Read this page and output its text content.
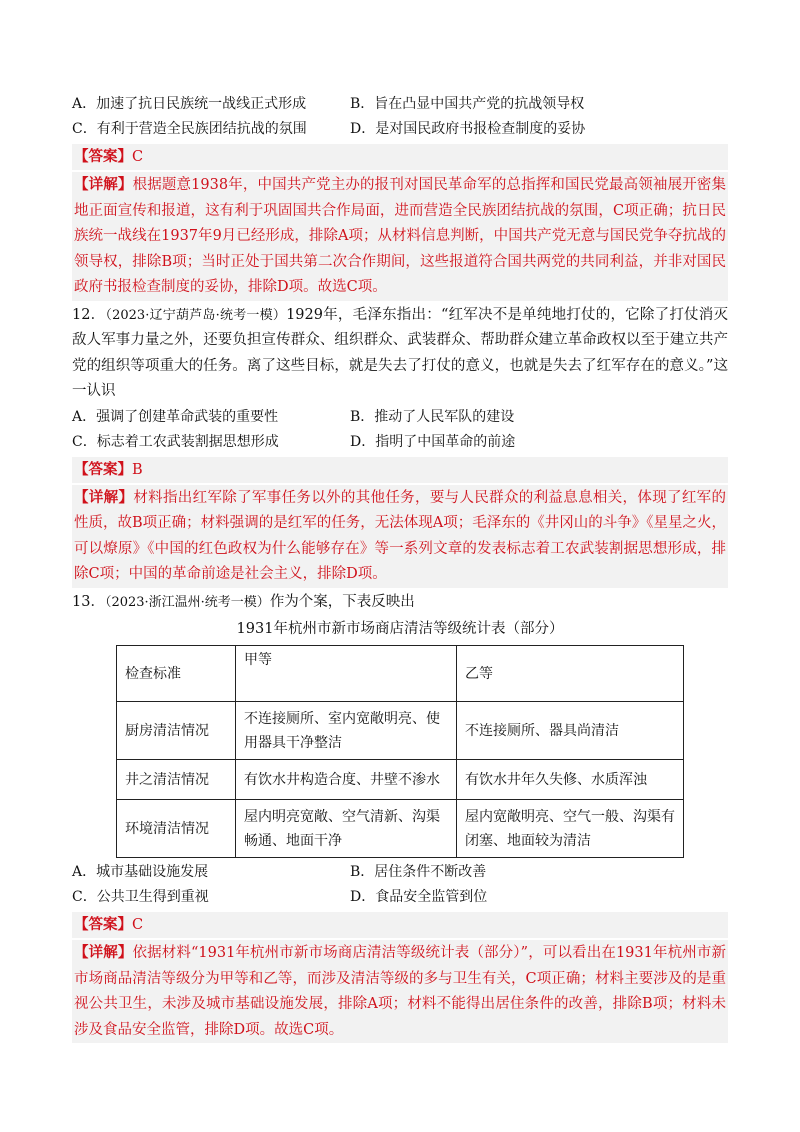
A．加速了抗日民族统一战线正式形成	B．旨在凸显中国共产党的抗战领导权
C．有利于营造全民族团结抗战的氛围	D．是对国民政府书报检查制度的妥协
【答案】C
【详解】根据题意1938年，中国共产党主办的报刊对国民革命军的总指挥和国民党最高领袖展开密集地正面宣传和报道，这有利于巩固国共合作局面，进而营造全民族团结抗战的氛围，C项正确；抗日民族统一战线在1937年9月已经形成，排除A项；从材料信息判断，中国共产党无意与国民党争夺抗战的领导权，排除B项；当时正处于国共第二次合作期间，这些报道符合国共两党的共同利益，并非对国民政府书报检查制度的妥协，排除D项。故选C项。
12．（2023·辽宁葫芦岛·统考一模）1929年，毛泽东指出：“红军决不是单纯地打仗的，它除了打仗消灭敌人军事力量之外，还要负担宣传群众、组织群众、武装群众、帮助群众建立革命政权以至于建立共产党的组织等项重大的任务。离了这些目标，就是失去了打仗的意义，也就是失去了红军存在的意义。”这一认识
A．强调了创建革命武装的重要性	B．推动了人民军队的建设
C．标志着工农武装割据思想形成	D．指明了中国革命的前途
【答案】B
【详解】材料指出红军除了军事任务以外的其他任务，要与人民群众的利益息息相关，体现了红军的性质，故B项正确；材料强调的是红军的任务，无法体现A项；毛泽东的《井冈山的斗争》《星星之火，可以燎原》《中国的红色政权为什么能够存在》等一系列文章的发表标志着工农武装割据思想形成，排除C项；中国的革命前途是社会主义，排除D项。
13．（2023·浙江温州·统考一模）作为个案，下表反映出
1931年杭州市新市场商店清洁等级统计表（部分）
检查标准	甲等	乙等
厨房清洁情况	不连接厕所、室内宽敞明亮、使用器具干净整洁	不连接厕所、器具尚清洁
井之清洁情况	有饮水井构造合度、井壁不渗水	有饮水井年久失修、水质浑浊
环境清洁情况	屋内明亮宽敞、空气清新、沟渠畅通、地面干净	屋内宽敞明亮、空气一般、沟渠有闭塞、地面较为清洁
A．城市基础设施发展	B．居住条件不断改善
C．公共卫生得到重视	D．食品安全监管到位
【答案】C
【详解】依据材料“1931年杭州市新市场商店清洁等级统计表（部分）”，可以看出在1931年杭州市新市场商品清洁等级分为甲等和乙等，而涉及清洁等级的多与卫生有关，C项正确；材料主要涉及的是重视公共卫生，未涉及城市基础设施发展，排除A项；材料不能得出居住条件的改善，排除B项；材料未涉及食品安全监管，排除D项。故选C项。
